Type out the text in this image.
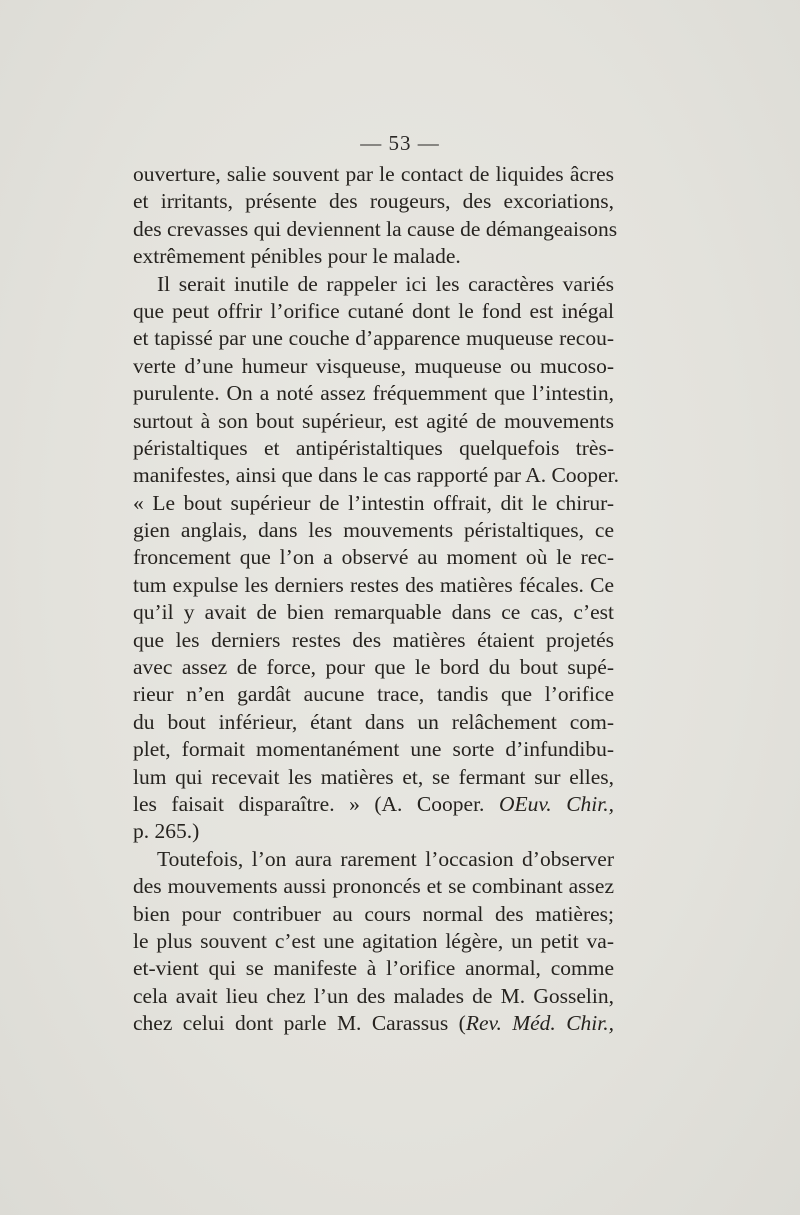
— 53 —
ouverture, salie souvent par le contact de liquides âcres
et irritants, présente des rougeurs, des excoriations,
des crevasses qui deviennent la cause de démangeaisons
extrêmement pénibles pour le malade.
Il serait inutile de rappeler ici les caractères variés
que peut offrir l’orifice cutané dont le fond est inégal
et tapissé par une couche d’apparence muqueuse recou-
verte d’une humeur visqueuse, muqueuse ou mucoso-
purulente. On a noté assez fréquemment que l’intestin,
surtout à son bout supérieur, est agité de mouvements
péristaltiques et antipéristaltiques quelquefois très-
manifestes, ainsi que dans le cas rapporté par A. Cooper.
« Le bout supérieur de l’intestin offrait, dit le chirur-
gien anglais, dans les mouvements péristaltiques, ce
froncement que l’on a observé au moment où le rec-
tum expulse les derniers restes des matières fécales. Ce
qu’il y avait de bien remarquable dans ce cas, c’est
que les derniers restes des matières étaient projetés
avec assez de force, pour que le bord du bout supé-
rieur n’en gardât aucune trace, tandis que l’orifice
du bout inférieur, étant dans un relâchement com-
plet, formait momentanément une sorte d’infundibu-
lum qui recevait les matières et, se fermant sur elles,
les faisait disparaître. » (A. Cooper. OEuv. Chir.,
p. 265.)
Toutefois, l’on aura rarement l’occasion d’observer
des mouvements aussi prononcés et se combinant assez
bien pour contribuer au cours normal des matières;
le plus souvent c’est une agitation légère, un petit va-
et-vient qui se manifeste à l’orifice anormal, comme
cela avait lieu chez l’un des malades de M. Gosselin,
chez celui dont parle M. Carassus (Rev. Méd. Chir.,
